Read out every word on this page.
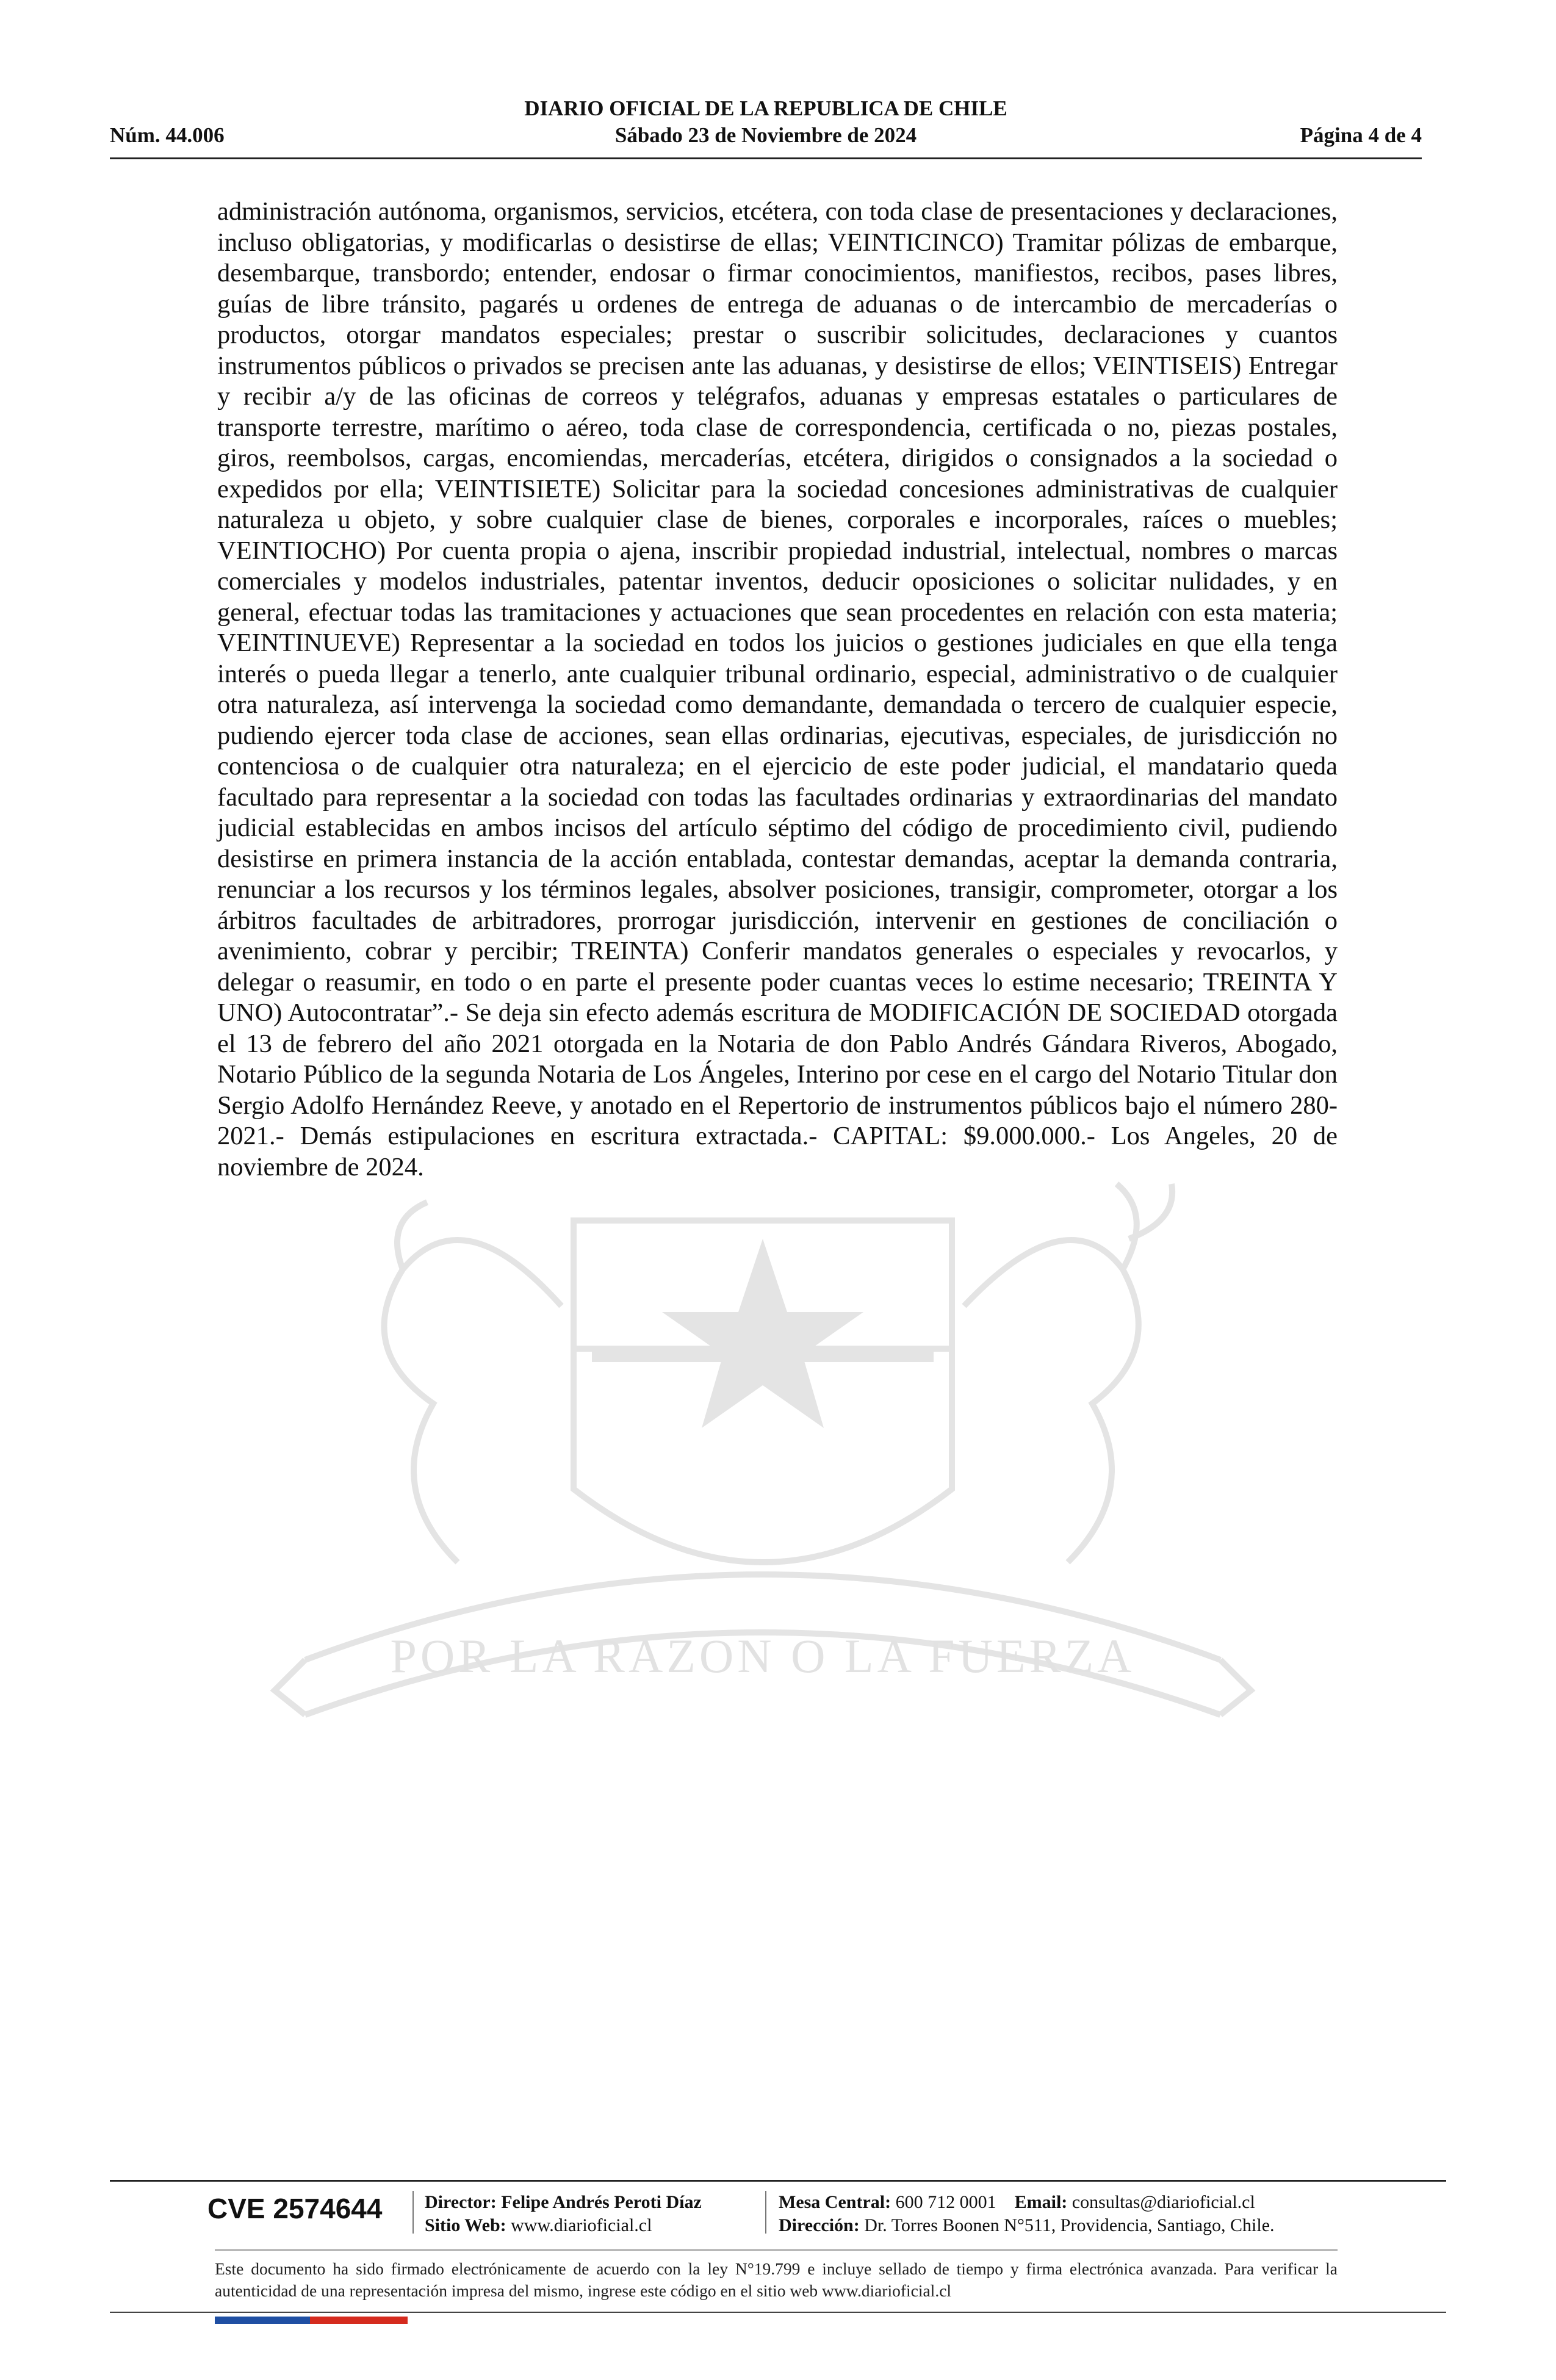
POR LA RAZON O LA FUERZA
DIARIO OFICIAL DE LA REPUBLICA DE CHILE
Núm. 44.006	Sábado 23 de Noviembre de 2024	Página 4 de 4
administración autónoma, organismos, servicios, etcétera, con toda clase de presentaciones y declaraciones, incluso obligatorias, y modificarlas o desistirse de ellas; VEINTICINCO) Tramitar pólizas de embarque, desembarque, transbordo; entender, endosar o firmar conocimientos, manifiestos, recibos, pases libres, guías de libre tránsito, pagarés u ordenes de entrega de aduanas o de intercambio de mercaderías o productos, otorgar mandatos especiales; prestar o suscribir solicitudes, declaraciones y cuantos instrumentos públicos o privados se precisen ante las aduanas, y desistirse de ellos; VEINTISEIS) Entregar y recibir a/y de las oficinas de correos y telégrafos, aduanas y empresas estatales o particulares de transporte terrestre, marítimo o aéreo, toda clase de correspondencia, certificada o no, piezas postales, giros, reembolsos, cargas, encomiendas, mercaderías, etcétera, dirigidos o consignados a la sociedad o expedidos por ella; VEINTISIETE) Solicitar para la sociedad concesiones administrativas de cualquier naturaleza u objeto, y sobre cualquier clase de bienes, corporales e incorporales, raíces o muebles; VEINTIOCHO) Por cuenta propia o ajena, inscribir propiedad industrial, intelectual, nombres o marcas comerciales y modelos industriales, patentar inventos, deducir oposiciones o solicitar nulidades, y en general, efectuar todas las tramitaciones y actuaciones que sean procedentes en relación con esta materia; VEINTINUEVE) Representar a la sociedad en todos los juicios o gestiones judiciales en que ella tenga interés o pueda llegar a tenerlo, ante cualquier tribunal ordinario, especial, administrativo o de cualquier otra naturaleza, así intervenga la sociedad como demandante, demandada o tercero de cualquier especie, pudiendo ejercer toda clase de acciones, sean ellas ordinarias, ejecutivas, especiales, de jurisdicción no contenciosa o de cualquier otra naturaleza; en el ejercicio de este poder judicial, el mandatario queda facultado para representar a la sociedad con todas las facultades ordinarias y extraordinarias del mandato judicial establecidas en ambos incisos del artículo séptimo del código de procedimiento civil, pudiendo desistirse en primera instancia de la acción entablada, contestar demandas, aceptar la demanda contraria, renunciar a los recursos y los términos legales, absolver posiciones, transigir, comprometer, otorgar a los árbitros facultades de arbitradores, prorrogar jurisdicción, intervenir en gestiones de conciliación o avenimiento, cobrar y percibir; TREINTA) Conferir mandatos generales o especiales y revocarlos, y delegar o reasumir, en todo o en parte el presente poder cuantas veces lo estime necesario; TREINTA Y UNO) Autocontratar”.- Se deja sin efecto además escritura de MODIFICACIÓN DE SOCIEDAD otorgada el 13 de febrero del año 2021 otorgada en la Notaria de don Pablo Andrés Gándara Riveros, Abogado, Notario Público de la segunda Notaria de Los Ángeles, Interino por cese en el cargo del Notario Titular don Sergio Adolfo Hernández Reeve, y anotado en el Repertorio de instrumentos públicos bajo el número 280-2021.- Demás estipulaciones en escritura extractada.- CAPITAL: $9.000.000.- Los Angeles, 20 de noviembre de 2024.
CVE 2574644 Director: Felipe Andrés Peroti Díaz
Sitio Web: www.diarioficial.cl
Mesa Central: 600 712 0001 Email: consultas@diarioficial.cl
Dirección: Dr. Torres Boonen N°511, Providencia, Santiago, Chile.
Este documento ha sido firmado electrónicamente de acuerdo con la ley N°19.799 e incluye sellado de tiempo y firma electrónica avanzada. Para verificar la autenticidad de una representación impresa del mismo, ingrese este código en el sitio web www.diarioficial.cl
